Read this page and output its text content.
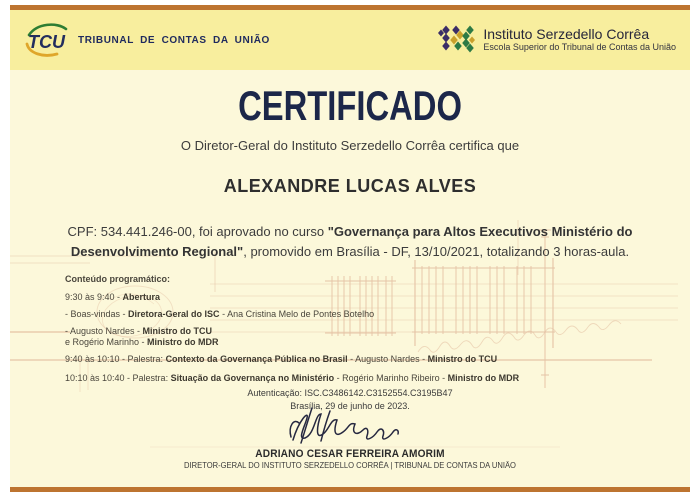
TCU TRIBUNAL DE CONTAS DA UNIÃO	Instituto Serzedello Corrêa
Escola Superior do Tribunal de Contas da União
CERTIFICADO

O Diretor-Geral do Instituto Serzedello Corrêa certifica que

ALEXANDRE LUCAS ALVES

CPF: 534.441.246-00, foi aprovado no curso "Governança para Altos Executivos Ministério do Desenvolvimento Regional", promovido em Brasília - DF, 13/10/2021, totalizando 3 horas-aula.

Conteúdo programático:

9:30 às 9:40 - Abertura

- Boas-vindas - Diretora-Geral do ISC - Ana Cristina Melo de Pontes Botelho

- Augusto Nardes - Ministro do TCU

e Rogério Marinho - Ministro do MDR

9:40 às 10:10 - Palestra: Contexto da Governança Pública no Brasil - Augusto Nardes - Ministro do TCU

10:10 às 10:40 - Palestra: Situação da Governança no Ministério - Rogério Marinho Ribeiro - Ministro do MDR

Autenticação: ISC.C3486142.C3152554.C3195B47

Brasília, 29 de junho de 2023.

ADRIANO CESAR FERREIRA AMORIM

DIRETOR-GERAL DO INSTITUTO SERZEDELLO CORRÊA | TRIBUNAL DE CONTAS DA UNIÃO
